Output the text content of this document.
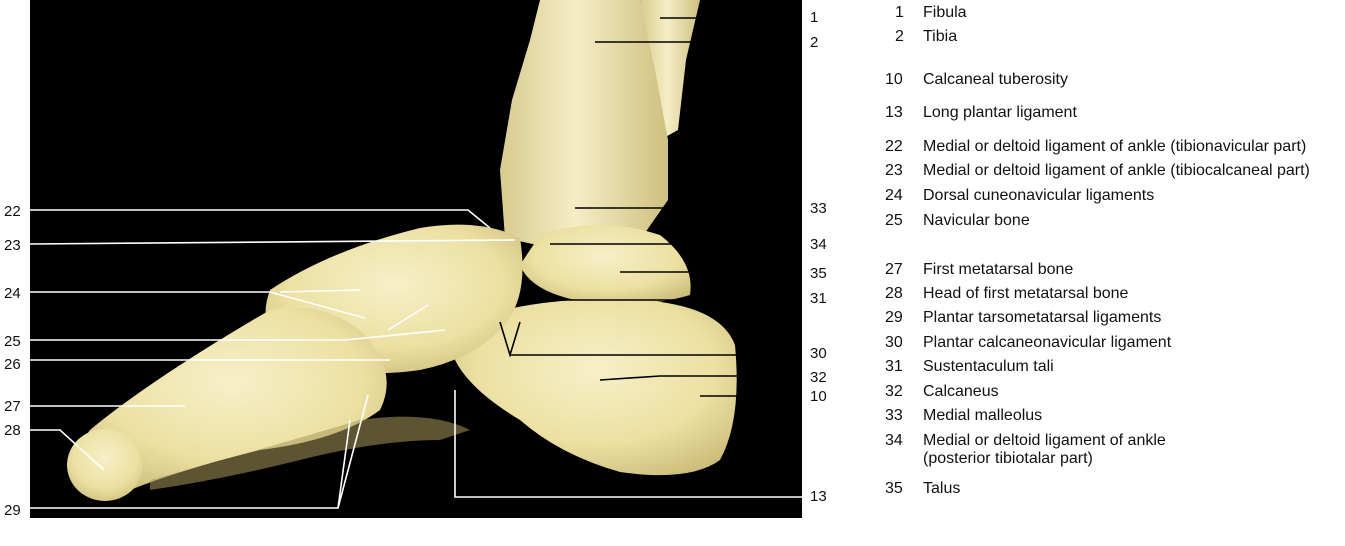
22
23
24
25
26
27
28
29
1
2
33
34
35
31
30
32
10
13
1 Fibula
2 Tibia
10 Calcaneal tuberosity
13 Long plantar ligament
22 Medial or deltoid ligament of ankle (tibionavicular part)
23 Medial or deltoid ligament of ankle (tibiocalcaneal part)
24 Dorsal cuneonavicular ligaments
25 Navicular bone
27 First metatarsal bone
28 Head of first metatarsal bone
29 Plantar tarsometatarsal ligaments
30 Plantar calcaneonavicular ligament
31 Sustentaculum tali
32 Calcaneus
33 Medial malleolus
34 Medial or deltoid ligament of ankle
(posterior tibiotalar part)
35 Talus
